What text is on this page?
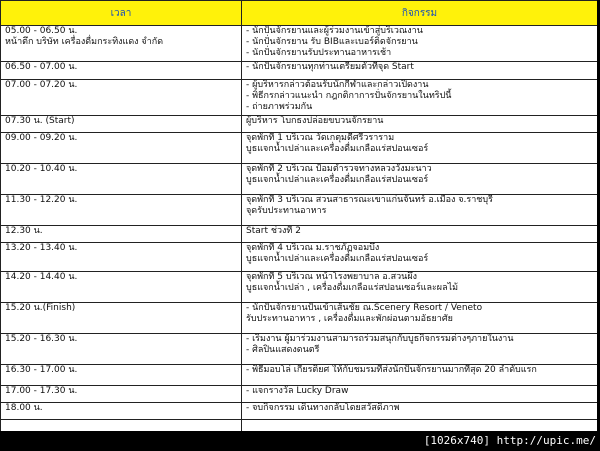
เวลา	กิจกรรม

05.00 - 06.50 น.
หน้าตึก บริษัท เครื่องดื่มกระทิงแดง จำกัด	- นักปั่นจักรยานและผู้ร่วมงานเข้าสู่บริเวณงาน
- นักปั่นจักรยาน รับ BIBและเบอร์ติดจักรยาน
- นักปั่นจักรยานรับประทานอาหารเช้า

06.50 - 07.00 น.	- นักปั่นจักรยานทุกท่านเตรียมตัวที่จุด Start

07.00 - 07.20 น.	- ผู้บริหารกล่าวต้อนรับนักกีฬาและกล่าวเปิดงาน
- พิธีกรกล่าวแนะนำ กฎกติกาการปั่นจักรยานในทริปนี้
- ถ่ายภาพร่วมกัน

07.30 น. (Start)	ผู้บริหาร โบกธงปล่อยขบวนจักรยาน

09.00 - 09.20 น.	จุดพักที่ 1 บริเวณ วัดเกตุมดีศรีวราราม
บูธแจกน้ำเปล่าและเครื่องดื่มเกลือแร่สปอนเซอร์

10.20 - 10.40 น.	จุดพักที่ 2 บริเวณ ป้อมตำรวจทางหลวงวังมะนาว
บูธแจกน้ำเปล่าและเครื่องดื่มเกลือแร่สปอนเซอร์

11.30 - 12.20 น.	จุดพักที่ 3 บริเวณ สวนสาธารณะเขาแก่นจันทร์ อ.เมือง จ.ราชบุรี
จุดรับประทานอาหาร

12.30 น.	Start ช่วงที่ 2

13.20 - 13.40 น.	จุดพักที่ 4 บริเวณ ม.ราชภัฏจอมบึง
บูธแจกน้ำเปล่าและเครื่องดื่มเกลือแร่สปอนเซอร์

14.20 - 14.40 น.	จุดพักที่ 5 บริเวณ หน้าโรงพยาบาล อ.สวนผึ้ง
บูธแจกน้ำเปล่า , เครื่องดื่มเกลือแร่สปอนเซอร์และผลไม้

15.20 น.(Finish)	- นักปั่นจักรยานปั่นเข้าเส้นชัย ณ.Scenery Resort / Veneto
รับประทานอาหาร , เครื่องดื่มและพักผ่อนตามอัธยาศัย

15.20 - 16.30 น.	- เริ่มงาน ผู้มาร่วมงานสามารถร่วมสนุกกับบูธกิจกรรมต่างๆภายในงาน
- ศิลปินแสดงดนตรี

16.30 - 17.00 น.	- พิธีมอบโล่ เกียรติยศ ให้กับชมรมที่ส่งนักปั่นจักรยานมากที่สุด 20 ลำดับแรก

17.00 - 17.30 น.	- แจกรางวัล Lucky Draw

18.00 น.	- จบกิจกรรม เดินทางกลับโดยสวัสดิภาพ

[1026x740] http://upic.me/
